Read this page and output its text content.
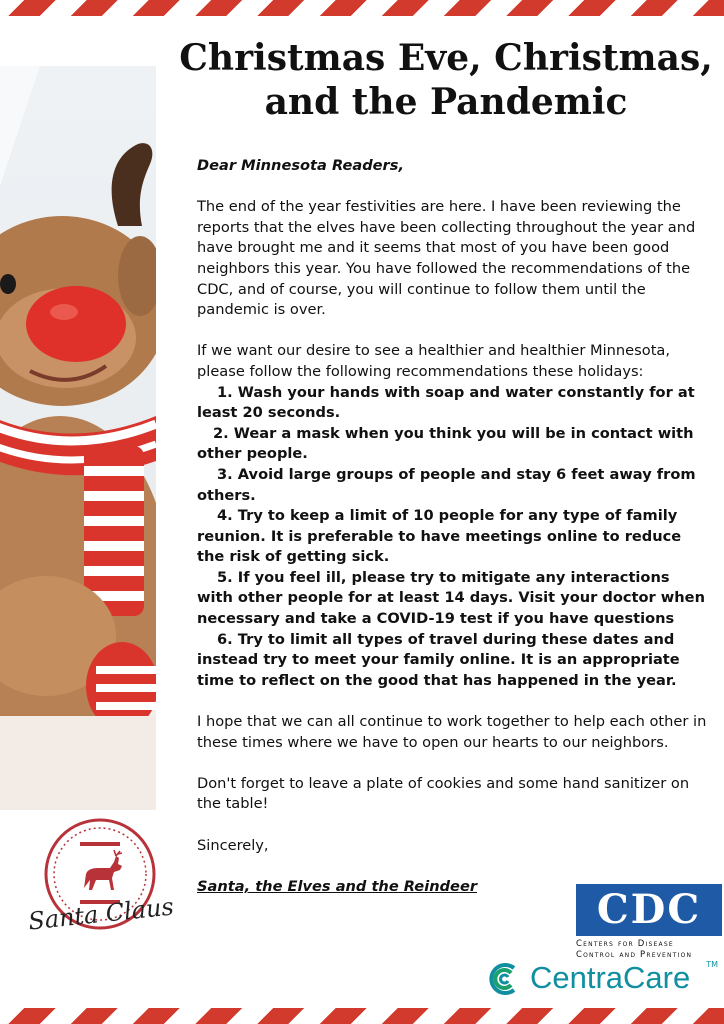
Christmas Eve, Christmas,
and the Pandemic

Dear Minnesota Readers,

The end of the year festivities are here. I have been reviewing the reports that the elves have been collecting throughout the year and have brought me and it seems that most of you have been good neighbors this year. You have followed the recommendations of the CDC, and of course, you will continue to follow them until the pandemic is over.

If we want our desire to see a healthier and healthier Minnesota, please follow the following recommendations these holidays:

1. Wash your hands with soap and water constantly for at least 20 seconds.

2. Wear a mask when you think you will be in contact with other people.

3. Avoid large groups of people and stay 6 feet away from others.

4. Try to keep a limit of 10 people for any type of family reunion. It is preferable to have meetings online to reduce the risk of getting sick.

5. If you feel ill, please try to mitigate any interactions with other people for at least 14 days. Visit your doctor when necessary and take a COVID-19 test if you have questions

6. Try to limit all types of travel during these dates and instead try to meet your family online. It is an appropriate time to reflect on the good that has happened in the year.

I hope that we can all continue to work together to help each other in these times where we have to open our hearts to our neighbors.

Don't forget to leave a plate of cookies and some hand sanitizer on the table!

Sincerely,

Santa, the Elves and the Reindeer

Santa Claus	CDC
Centers for Disease
Control and Prevention
CentraCare TM
